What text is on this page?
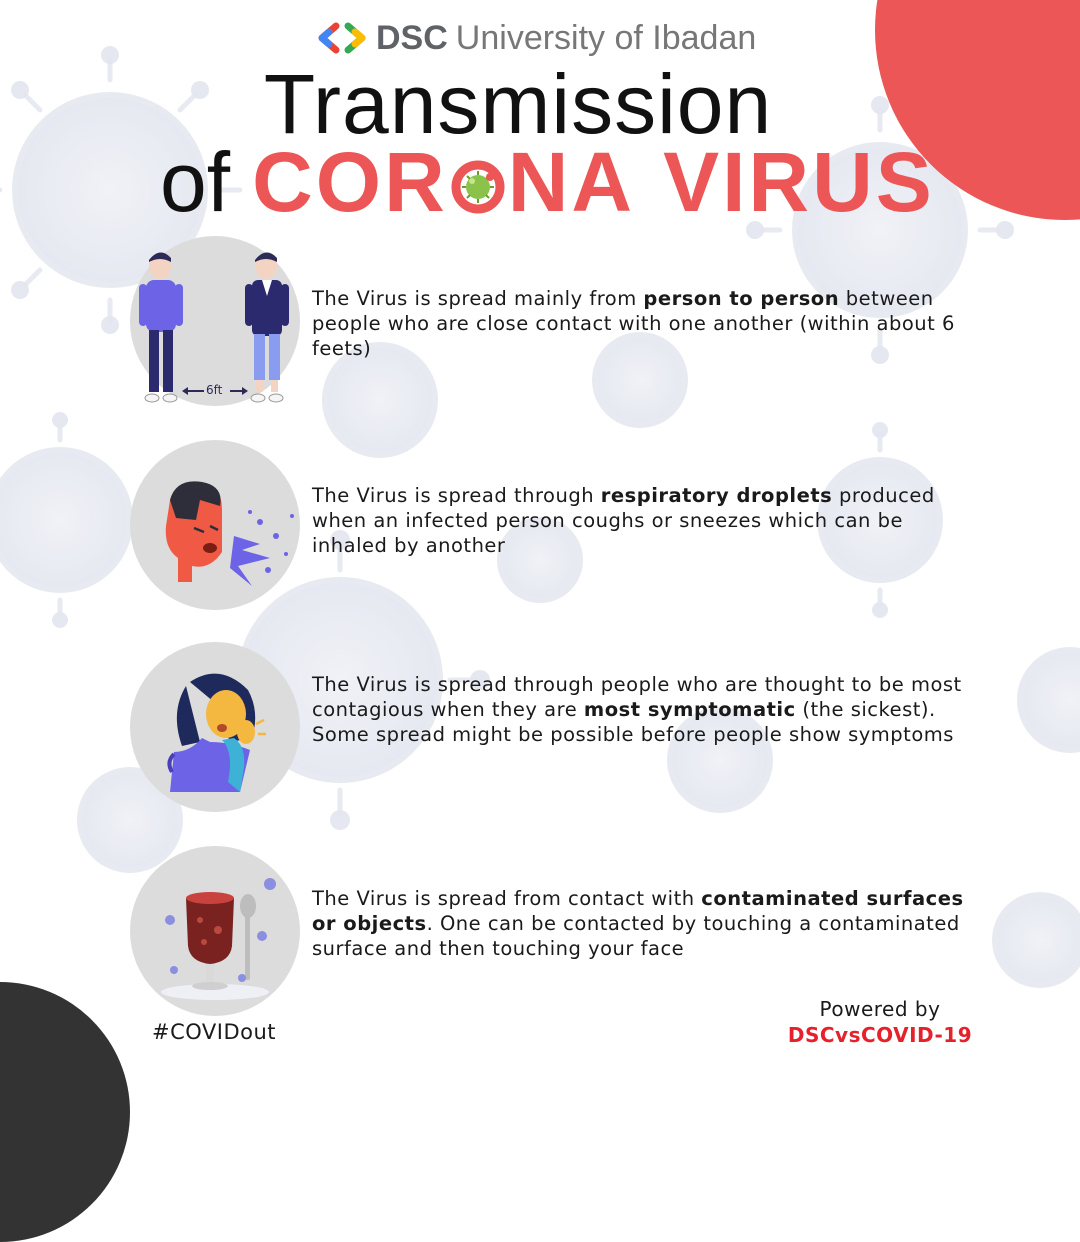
DSC University of Ibadan
Transmission
of COR NA VIRUS
6ft
The Virus is spread mainly from person to person between people who are close contact with one another (within about 6 feets)
The Virus is spread through respiratory droplets produced when an infected person coughs or sneezes which can be inhaled by another
The Virus is spread through people who are thought to be most contagious when they are most symptomatic (the sickest). Some spread might be possible before people show symptoms
The Virus is spread from contact with contaminated surfaces or objects. One can be contacted by touching a contaminated surface and then touching your face
#COVIDout
Powered by
DSCvsCOVID-19
